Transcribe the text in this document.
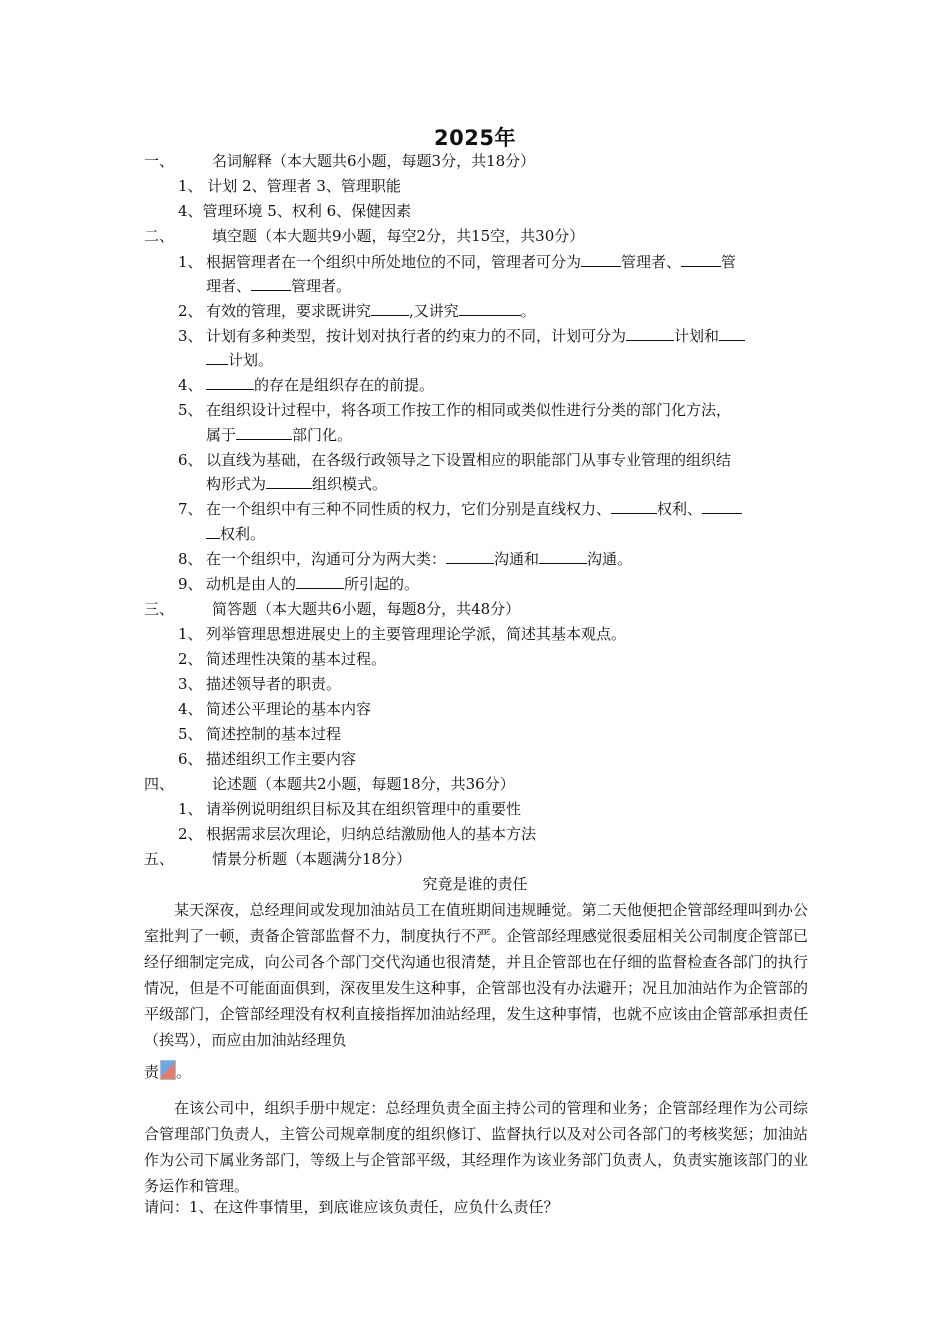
2025年
一、	名词解释（本大题共6小题，每题3分，共18分）
1、 计划 2、管理者 3、管理职能
4、管理环境 5、权利 6、保健因素
二、	填空题（本大题共9小题，每空2分，共15空，共30分）
1、 根据管理者在一个组织中所处地位的不同，管理者可分为	管理者、	管
理者、	管理者。
2、 有效的管理，要求既讲究	,又讲究	。
3、 计划有多种类型，按计划对执行者的约束力的不同，计划可分为	计划和
计划。
4、	的存在是组织存在的前提。
5、 在组织设计过程中，将各项工作按工作的相同或类似性进行分类的部门化方法，
属于	部门化。
6、 以直线为基础，在各级行政领导之下设置相应的职能部门从事专业管理的组织结
构形式为	组织模式。
7、 在一个组织中有三种不同性质的权力，它们分别是直线权力、	权利、
权利。
8、 在一个组织中，沟通可分为两大类：	沟通和	沟通。
9、 动机是由人的	所引起的。
三、	简答题（本大题共6小题，每题8分，共48分）
1、 列举管理思想进展史上的主要管理理论学派，简述其基本观点。
2、 简述理性决策的基本过程。
3、 描述领导者的职责。
4、 简述公平理论的基本内容
5、 简述控制的基本过程
6、 描述组织工作主要内容
四、	论述题（本题共2小题，每题18分，共36分）
1、 请举例说明组织目标及其在组织管理中的重要性
2、 根据需求层次理论，归纳总结激励他人的基本方法
五、	情景分析题（本题满分18分）
究竟是谁的责任
某天深夜，总经理间或发现加油站员工在值班期间违规睡觉。第二天他便把企管部经理叫到办公室批判了一顿，责备企管部监督不力，制度执行不严。企管部经理感觉很委屈相关公司制度企管部已经仔细制定完成，向公司各个部门交代沟通也很清楚，并且企管部也在仔细的监督检查各部门的执行情况，但是不可能面面俱到，深夜里发生这种事，企管部也没有办法避开；况且加油站作为企管部的平级部门，企管部经理没有权利直接指挥加油站经理，发生这种事情，也就不应该由企管部承担责任（挨骂），而应由加油站经理负
责 。
在该公司中，组织手册中规定：总经理负责全面主持公司的管理和业务；企管部经理作为公司综合管理部门负责人，主管公司规章制度的组织修订、监督执行以及对公司各部门的考核奖惩；加油站作为公司下属业务部门，等级上与企管部平级，其经理作为该业务部门负责人，负责实施该部门的业务运作和管理。
请问：1、在这件事情里，到底谁应该负责任，应负什么责任？
